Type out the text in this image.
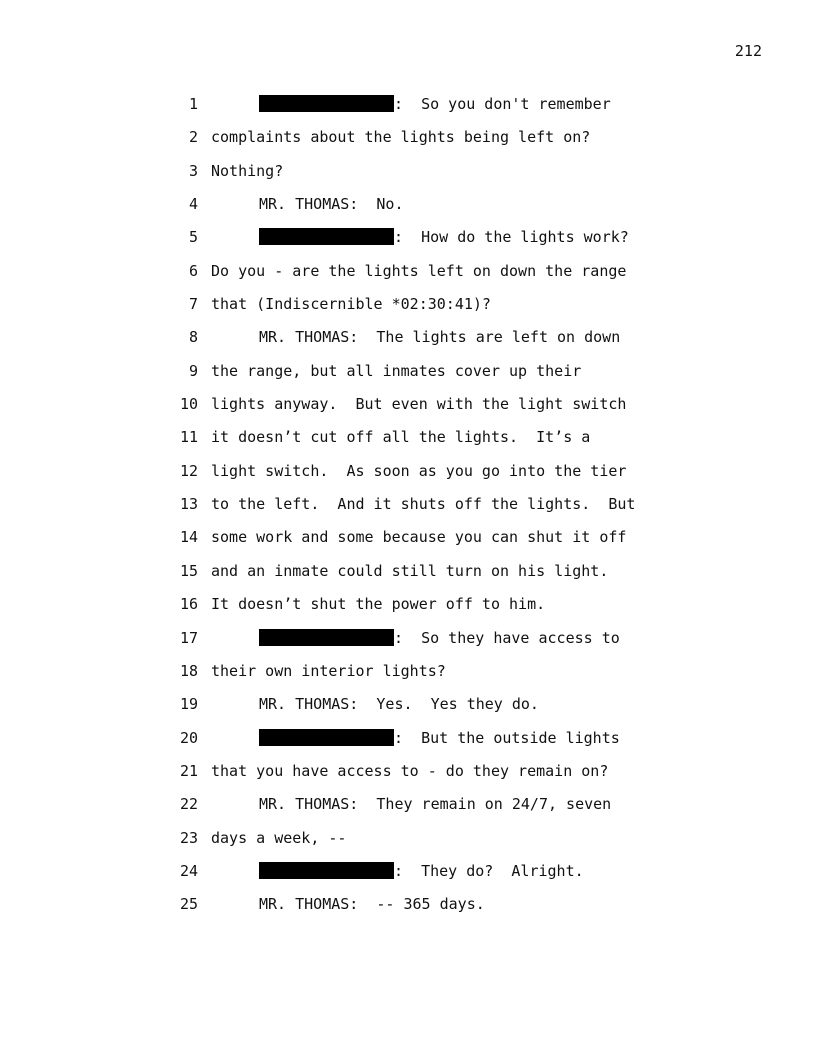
212
1	:  So you don't remember
2 complaints about the lights being left on?
3 Nothing?
4	MR. THOMAS:  No.
5	:  How do the lights work?
6 Do you - are the lights left on down the range
7 that (Indiscernible *02:30:41)?
8	MR. THOMAS:  The lights are left on down
9 the range, but all inmates cover up their
10 lights anyway.  But even with the light switch
11 it doesn’t cut off all the lights.  It’s a
12 light switch.  As soon as you go into the tier
13 to the left.  And it shuts off the lights.  But
14 some work and some because you can shut it off
15 and an inmate could still turn on his light.
16 It doesn’t shut the power off to him.
17	:  So they have access to
18 their own interior lights?
19	MR. THOMAS:  Yes.  Yes they do.
20	:  But the outside lights
21 that you have access to - do they remain on?
22	MR. THOMAS:  They remain on 24/7, seven
23 days a week, --
24	:  They do?  Alright.
25	MR. THOMAS:  -- 365 days.
